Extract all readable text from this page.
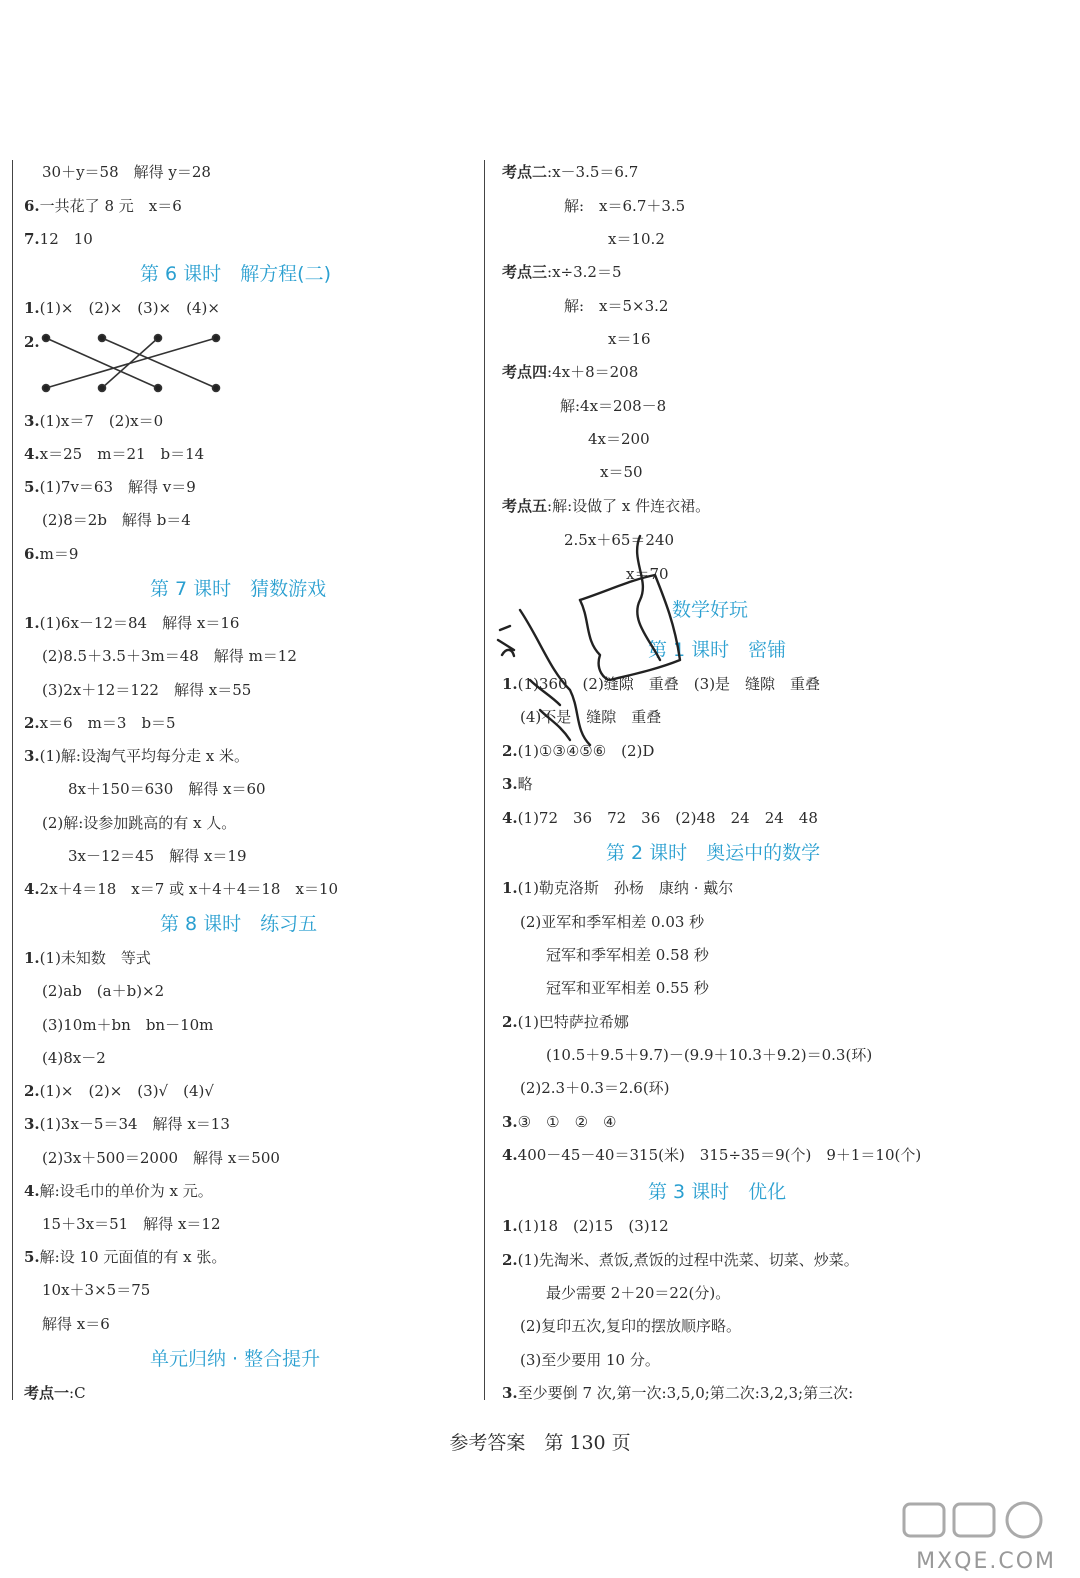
30＋y＝58　解得 y＝28
6.一共花了 8 元　x＝6
7.12　10
第 6 课时　解方程(二)
1.(1)×　(2)×　(3)×　(4)×
2.
3.(1)x＝7　(2)x＝0
4.x＝25　m＝21　b＝14
5.(1)7v＝63　解得 v＝9
(2)8＝2b　解得 b＝4
6.m＝9
第 7 课时　猜数游戏
1.(1)6x－12＝84　解得 x＝16
(2)8.5＋3.5＋3m＝48　解得 m＝12
(3)2x＋12＝122　解得 x＝55
2.x＝6　m＝3　b＝5
3.(1)解:设淘气平均每分走 x 米。
8x＋150＝630　解得 x＝60
(2)解:设参加跳高的有 x 人。
3x－12＝45　解得 x＝19
4.2x＋4＝18　x＝7 或 x＋4＋4＝18　x＝10
第 8 课时　练习五
1.(1)未知数　等式
(2)ab　(a＋b)×2
(3)10m＋bn　bn－10m
(4)8x－2
2.(1)×　(2)×　(3)√　(4)√
3.(1)3x－5＝34　解得 x＝13
(2)3x＋500＝2000　解得 x＝500
4.解:设毛巾的单价为 x 元。
15＋3x＝51　解得 x＝12
5.解:设 10 元面值的有 x 张。
10x＋3×5＝75
解得 x＝6
单元归纳 · 整合提升
考点一:C
考点二:x－3.5＝6.7
解:　x＝6.7＋3.5
x＝10.2
考点三:x÷3.2＝5
解:　x＝5×3.2
x＝16
考点四:4x＋8＝208
解:4x＝208－8
4x＝200
x＝50
考点五:解:设做了 x 件连衣裙。
2.5x＋65＝240
x＝70
数学好玩
第 1 课时　密铺
1.(1)360　(2)缝隙　重叠　(3)是　缝隙　重叠
(4)不是　缝隙　重叠
2.(1)①③④⑤⑥　(2)D
3.略
4.(1)72　36　72　36　(2)48　24　24　48
第 2 课时　奥运中的数学
1.(1)勒克洛斯　孙杨　康纳 · 戴尔
(2)亚军和季军相差 0.03 秒
冠军和季军相差 0.58 秒
冠军和亚军相差 0.55 秒
2.(1)巴特萨拉希娜
(10.5＋9.5＋9.7)－(9.9＋10.3＋9.2)＝0.3(环)
(2)2.3＋0.3＝2.6(环)
3.③　①　②　④
4.400－45－40＝315(米)　315÷35＝9(个)　9＋1＝10(个)
第 3 课时　优化
1.(1)18　(2)15　(3)12
2.(1)先淘米、煮饭,煮饭的过程中洗菜、切菜、炒菜。
最少需要 2＋20＝22(分)。
(2)复印五次,复印的摆放顺序略。
(3)至少要用 10 分。
3.至少要倒 7 次,第一次:3,5,0;第二次:3,2,3;第三次:
参考答案　第 130 页
MXQE.COM
